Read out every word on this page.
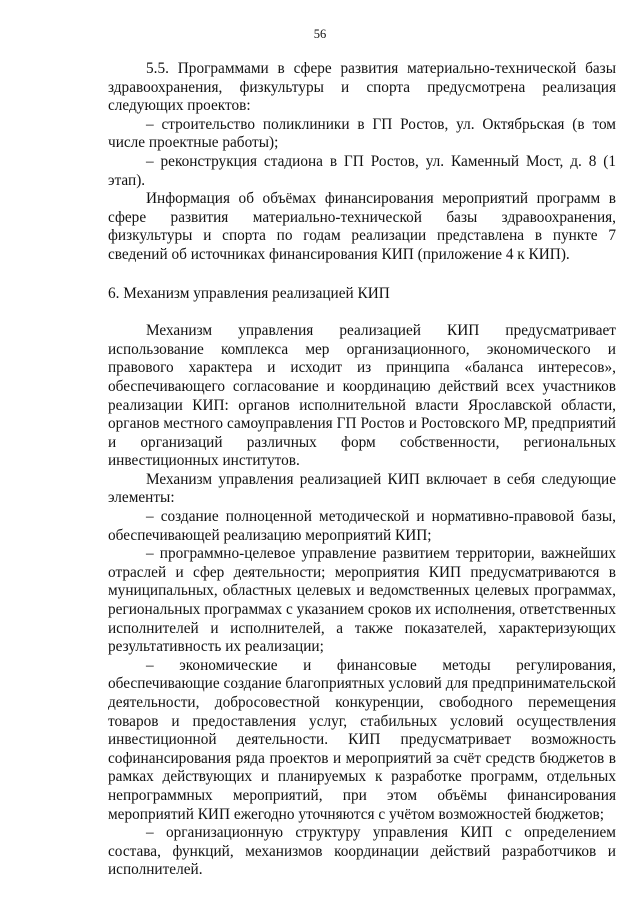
56

5.5. Программами в сфере развития материально-технической базы здравоохранения, физкультуры и спорта предусмотрена реализация следующих проектов:

– строительство поликлиники в ГП Ростов, ул. Октябрьская (в том числе проектные работы);

– реконструкция стадиона в ГП Ростов, ул. Каменный Мост, д. 8 (1 этап).

Информация об объёмах финансирования мероприятий программ в сфере развития материально-технической базы здравоохранения, физкультуры и спорта по годам реализации представлена в пункте 7 сведений об источниках финансирования КИП (приложение 4 к КИП).

6. Механизм управления реализацией КИП

Механизм управления реализацией КИП предусматривает использование комплекса мер организационного, экономического и правового характера и исходит из принципа «баланса интересов», обеспечивающего согласование и координацию действий всех участников реализации КИП: органов исполнительной власти Ярославской области, органов местного самоуправления ГП Ростов и Ростовского МР, предприятий и организаций различных форм собственности, региональных инвестиционных институтов.

Механизм управления реализацией КИП включает в себя следующие элементы:

– создание полноценной методической и нормативно-правовой базы, обеспечивающей реализацию мероприятий КИП;

– программно-целевое управление развитием территории, важнейших отраслей и сфер деятельности; мероприятия КИП предусматриваются в муниципальных, областных целевых и ведомственных целевых программах, региональных программах с указанием сроков их исполнения, ответственных исполнителей и исполнителей, а также показателей, характеризующих результативность их реализации;

– экономические и финансовые методы регулирования, обеспечивающие создание благоприятных условий для предпринимательской деятельности, добросовестной конкуренции, свободного перемещения товаров и предоставления услуг, стабильных условий осуществления инвестиционной деятельности. КИП предусматривает возможность софинансирования ряда проектов и мероприятий за счёт средств бюджетов в рамках действующих и планируемых к разработке программ, отдельных непрограммных мероприятий, при этом объёмы финансирования мероприятий КИП ежегодно уточняются с учётом возможностей бюджетов;

– организационную структуру управления КИП с определением состава, функций, механизмов координации действий разработчиков и исполнителей.
